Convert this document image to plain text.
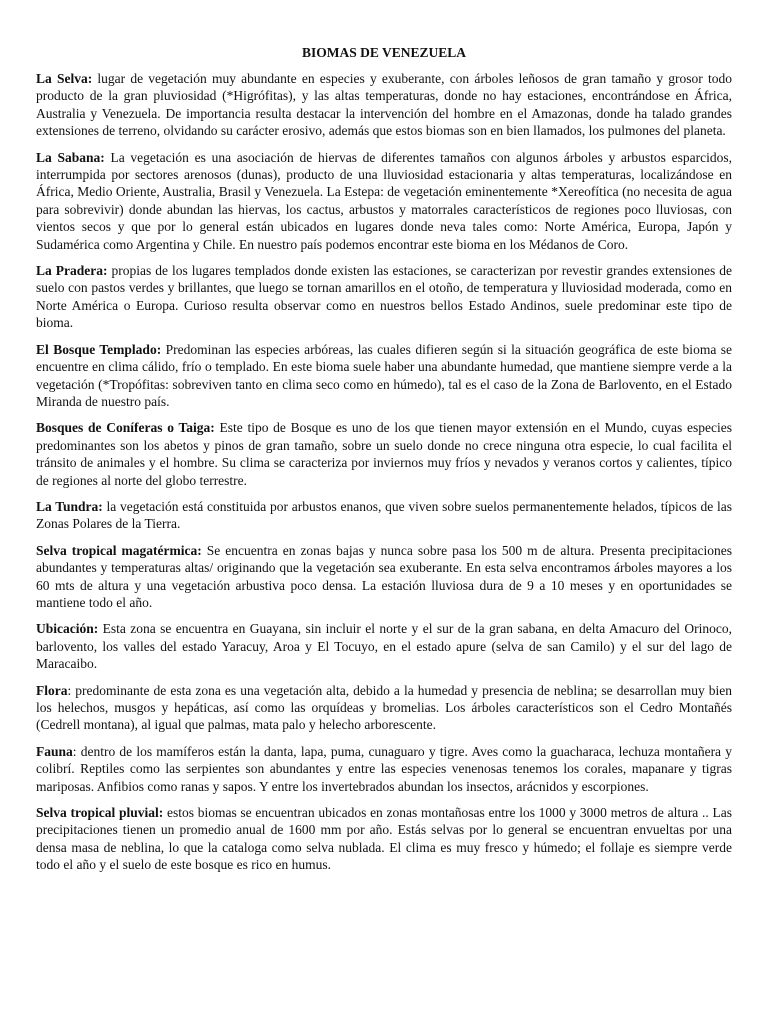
BIOMAS DE VENEZUELA

La Selva: lugar de vegetación muy abundante en especies y exuberante, con árboles leñosos de gran tamaño y grosor todo producto de la gran pluviosidad (*Higrófitas), y las altas temperaturas, donde no hay estaciones, encontrándose en África, Australia y Venezuela. De importancia resulta destacar la intervención del hombre en el Amazonas, donde ha talado grandes extensiones de terreno, olvidando su carácter erosivo, además que estos biomas son en bien llamados, los pulmones del planeta.

La Sabana: La vegetación es una asociación de hiervas de diferentes tamaños con algunos árboles y arbustos esparcidos, interrumpida por sectores arenosos (dunas), producto de una lluviosidad estacionaria y altas temperaturas, localizándose en África, Medio Oriente, Australia, Brasil y Venezuela. La Estepa: de vegetación eminentemente *Xereofítica (no necesita de agua para sobrevivir) donde abundan las hiervas, los cactus, arbustos y matorrales característicos de regiones poco lluviosas, con vientos secos y que por lo general están ubicados en lugares donde neva tales como: Norte América, Europa, Japón y Sudamérica como Argentina y Chile. En nuestro país podemos encontrar este bioma en los Médanos de Coro.

La Pradera: propias de los lugares templados donde existen las estaciones, se caracterizan por revestir grandes extensiones de suelo con pastos verdes y brillantes, que luego se tornan amarillos en el otoño, de temperatura y lluviosidad moderada, como en Norte América o Europa. Curioso resulta observar como en nuestros bellos Estado Andinos, suele predominar este tipo de bioma.

El Bosque Templado: Predominan las especies arbóreas, las cuales difieren según si la situación geográfica de este bioma se encuentre en clima cálido, frío o templado. En este bioma suele haber una abundante humedad, que mantiene siempre verde a la vegetación (*Tropófitas: sobreviven tanto en clima seco como en húmedo), tal es el caso de la Zona de Barlovento, en el Estado Miranda de nuestro país.

Bosques de Coníferas o Taiga: Este tipo de Bosque es uno de los que tienen mayor extensión en el Mundo, cuyas especies predominantes son los abetos y pinos de gran tamaño, sobre un suelo donde no crece ninguna otra especie, lo cual facilita el tránsito de animales y el hombre. Su clima se caracteriza por inviernos muy fríos y nevados y veranos cortos y calientes, típico de regiones al norte del globo terrestre.

La Tundra: la vegetación está constituida por arbustos enanos, que viven sobre suelos permanentemente helados, típicos de las Zonas Polares de la Tierra.

Selva tropical magatérmica: Se encuentra en zonas bajas y nunca sobre pasa los 500 m de altura. Presenta precipitaciones abundantes y temperaturas altas/ originando que la vegetación sea exuberante. En esta selva encontramos árboles mayores a los 60 mts de altura y una vegetación arbustiva poco densa. La estación lluviosa dura de 9 a 10 meses y en oportunidades se mantiene todo el año.

Ubicación: Esta zona se encuentra en Guayana, sin incluir el norte y el sur de la gran sabana, en delta Amacuro del Orinoco, barlovento, los valles del estado Yaracuy, Aroa y El Tocuyo, en el estado apure (selva de san Camilo) y el sur del lago de Maracaibo.

Flora: predominante de esta zona es una vegetación alta, debido a la humedad y presencia de neblina; se desarrollan muy bien los helechos, musgos y hepáticas, así como las orquídeas y bromelias. Los árboles característicos son el Cedro Montañés (Cedrell montana), al igual que palmas, mata palo y helecho arborescente.

Fauna: dentro de los mamíferos están la danta, lapa, puma, cunaguaro y tigre. Aves como la guacharaca, lechuza montañera y colibrí. Reptiles como las serpientes son abundantes y entre las especies venenosas tenemos los corales, mapanare y tigras mariposas. Anfibios como ranas y sapos. Y entre los invertebrados abundan los insectos, arácnidos y escorpiones.

Selva tropical pluvial: estos biomas se encuentran ubicados en zonas montañosas entre los 1000 y 3000 metros de altura .. Las precipitaciones tienen un promedio anual de 1600 mm por año. Estás selvas por lo general se encuentran envueltas por una densa masa de neblina, lo que la cataloga como selva nublada. El clima es muy fresco y húmedo; el follaje es siempre verde todo el año y el suelo de este bosque es rico en humus.
